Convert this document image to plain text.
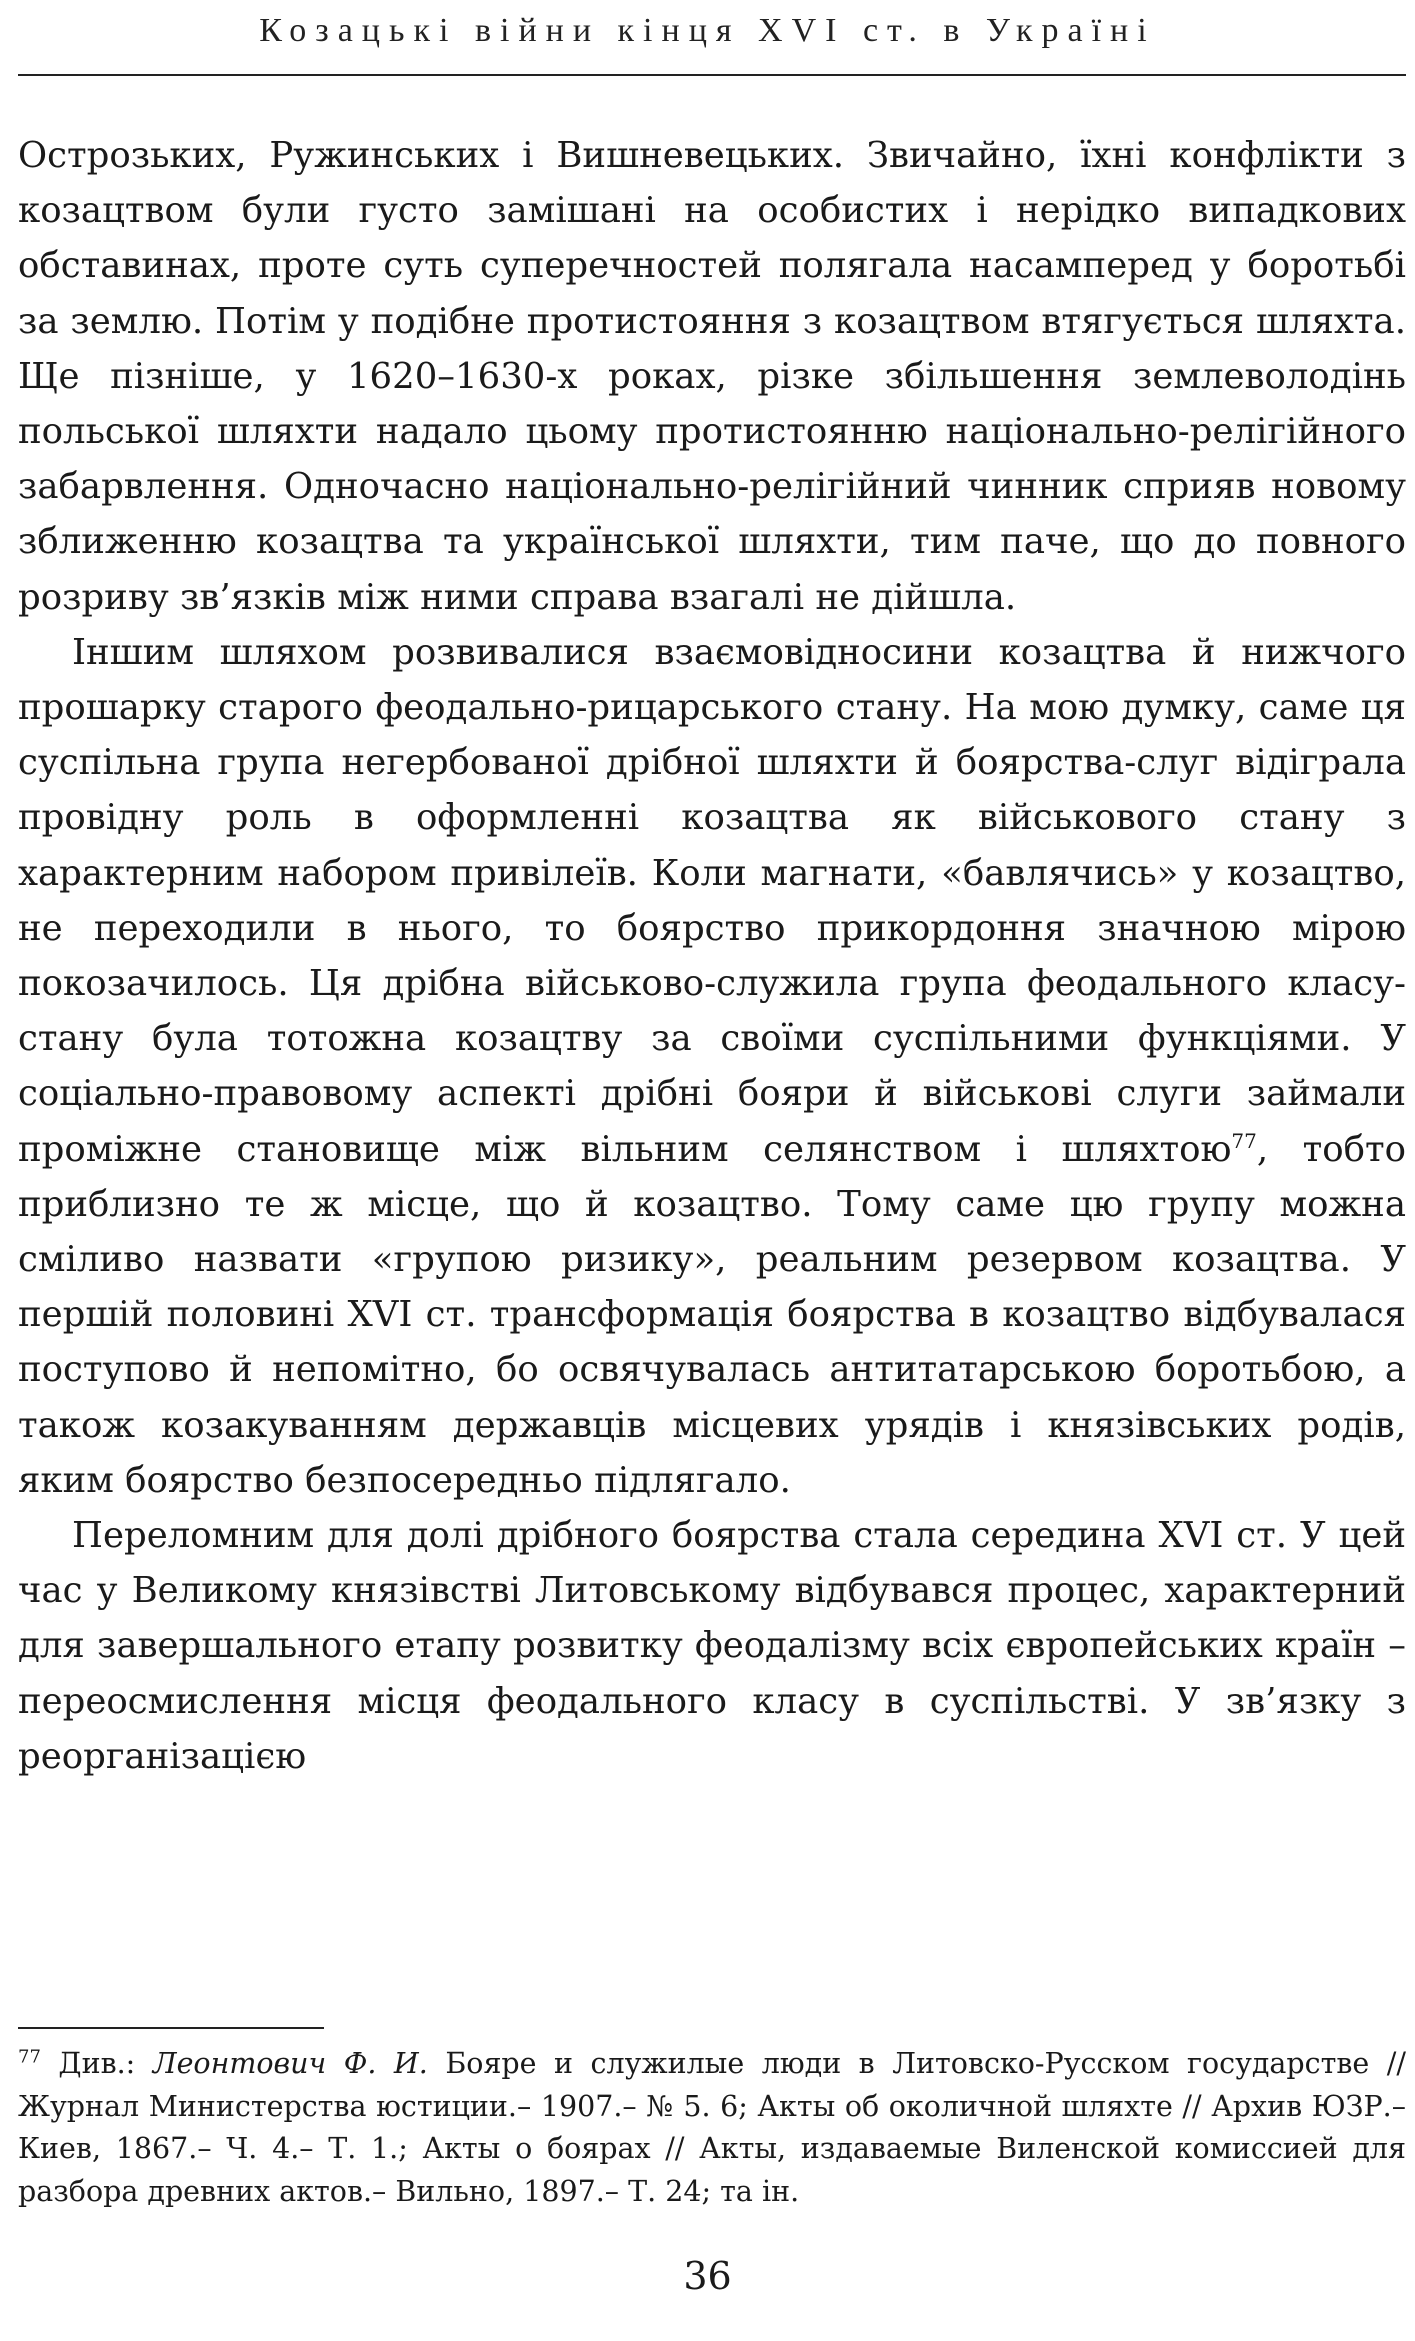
Козацькі війни кінця XVI ст. в Україні

Острозьких, Ружинських і Вишневецьких. Звичайно, їхні конфлікти з козацтвом були густо замішані на особистих і нерідко випадкових обставинах, проте суть суперечностей полягала насамперед у боротьбі за землю. Потім у подібне протистояння з козацтвом втягується шляхта. Ще пізніше, у 1620–1630-х роках, різке збільшення землеволодінь польської шляхти надало цьому протистоянню національно-релігійного забарвлення. Одночасно національно-релігійний чинник сприяв новому зближенню козацтва та української шляхти, тим паче, що до повного розриву зв’язків між ними справа взагалі не дійшла.

Іншим шляхом розвивалися взаємовідносини козацтва й нижчого прошарку старого феодально-рицарського стану. На мою думку, саме ця суспільна група негербованої дрібної шляхти й боярства-слуг відіграла провідну роль в оформленні козацтва як військового стану з характерним набором привілеїв. Коли магнати, «бавлячись» у козацтво, не переходили в нього, то боярство прикордоння значною мірою покозачилось. Ця дрібна військово-служила група феодального класу-стану була тотожна козацтву за своїми суспільними функціями. У соціально-правовому аспекті дрібні бояри й військові слуги займали проміжне становище між вільним селянством і шляхтою$^{77}$, тобто приблизно те ж місце, що й козацтво. Тому саме цю групу можна сміливо назвати «групою ризику», реальним резервом козацтва. У першій половині XVI ст. трансформація боярства в козацтво відбувалася поступово й непомітно, бо освячувалась антитатарською боротьбою, а також козакуванням державців місцевих урядів і князівських родів, яким боярство безпосередньо підлягало.

Переломним для долі дрібного боярства стала середина XVI ст. У цей час у Великому князівстві Литовському відбувався процес, характерний для завершального етапу розвитку феодалізму всіх європейських країн – переосмислення місця феодального класу в суспільстві. У зв’язку з реорганізацією

$^{77}$ Див.: Леонтович Ф. И. Бояре и служилые люди в Литовско-Русском государстве // Журнал Министерства юстиции.– 1907.– № 5. 6; Акты об околичной шляхте // Архив ЮЗР.– Киев, 1867.– Ч. 4.– Т. 1.; Акты о боярах // Акты, издаваемые Виленской комиссией для разбора древних актов.– Вильно, 1897.– Т. 24; та ін.
36
